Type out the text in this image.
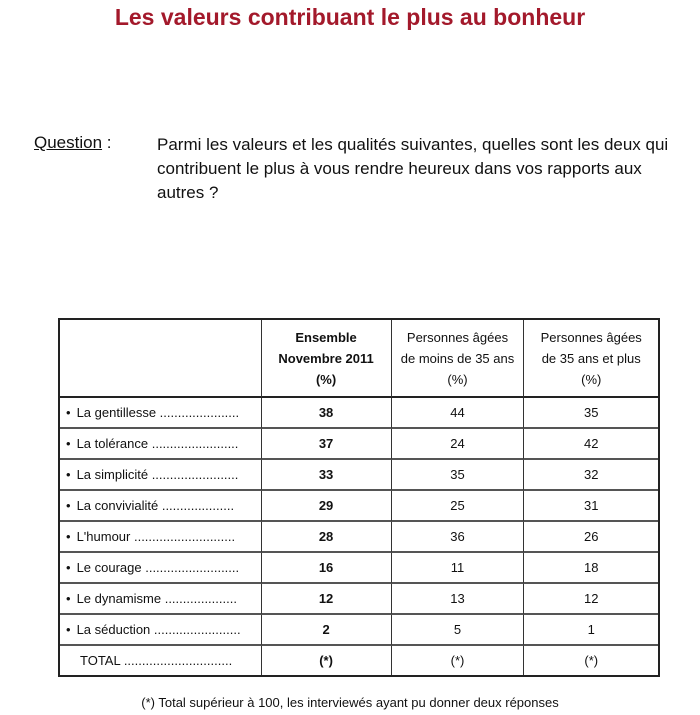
Les valeurs contribuant le plus au bonheur
Question :	Parmi les valeurs et les qualités suivantes, quelles sont les deux qui contribuent le plus à vous rendre heureux dans vos rapports aux autres ?
	Ensemble
Novembre 2011
(%)	Personnes âgées
de moins de 35 ans
(%)	Personnes âgées
de 35 ans et plus
(%)
• La gentillesse ......................	38	44	35
• La tolérance ........................	37	24	42
• La simplicité ........................	33	35	32
• La convivialité ....................	29	25	31
• L'humour ............................	28	36	26
• Le courage ..........................	16	11	18
• Le dynamisme ....................	12	13	12
• La séduction ........................	2	5	1
TOTAL ..............................	(*)	(*)	(*)
(*) Total supérieur à 100, les interviewés ayant pu donner deux réponses
